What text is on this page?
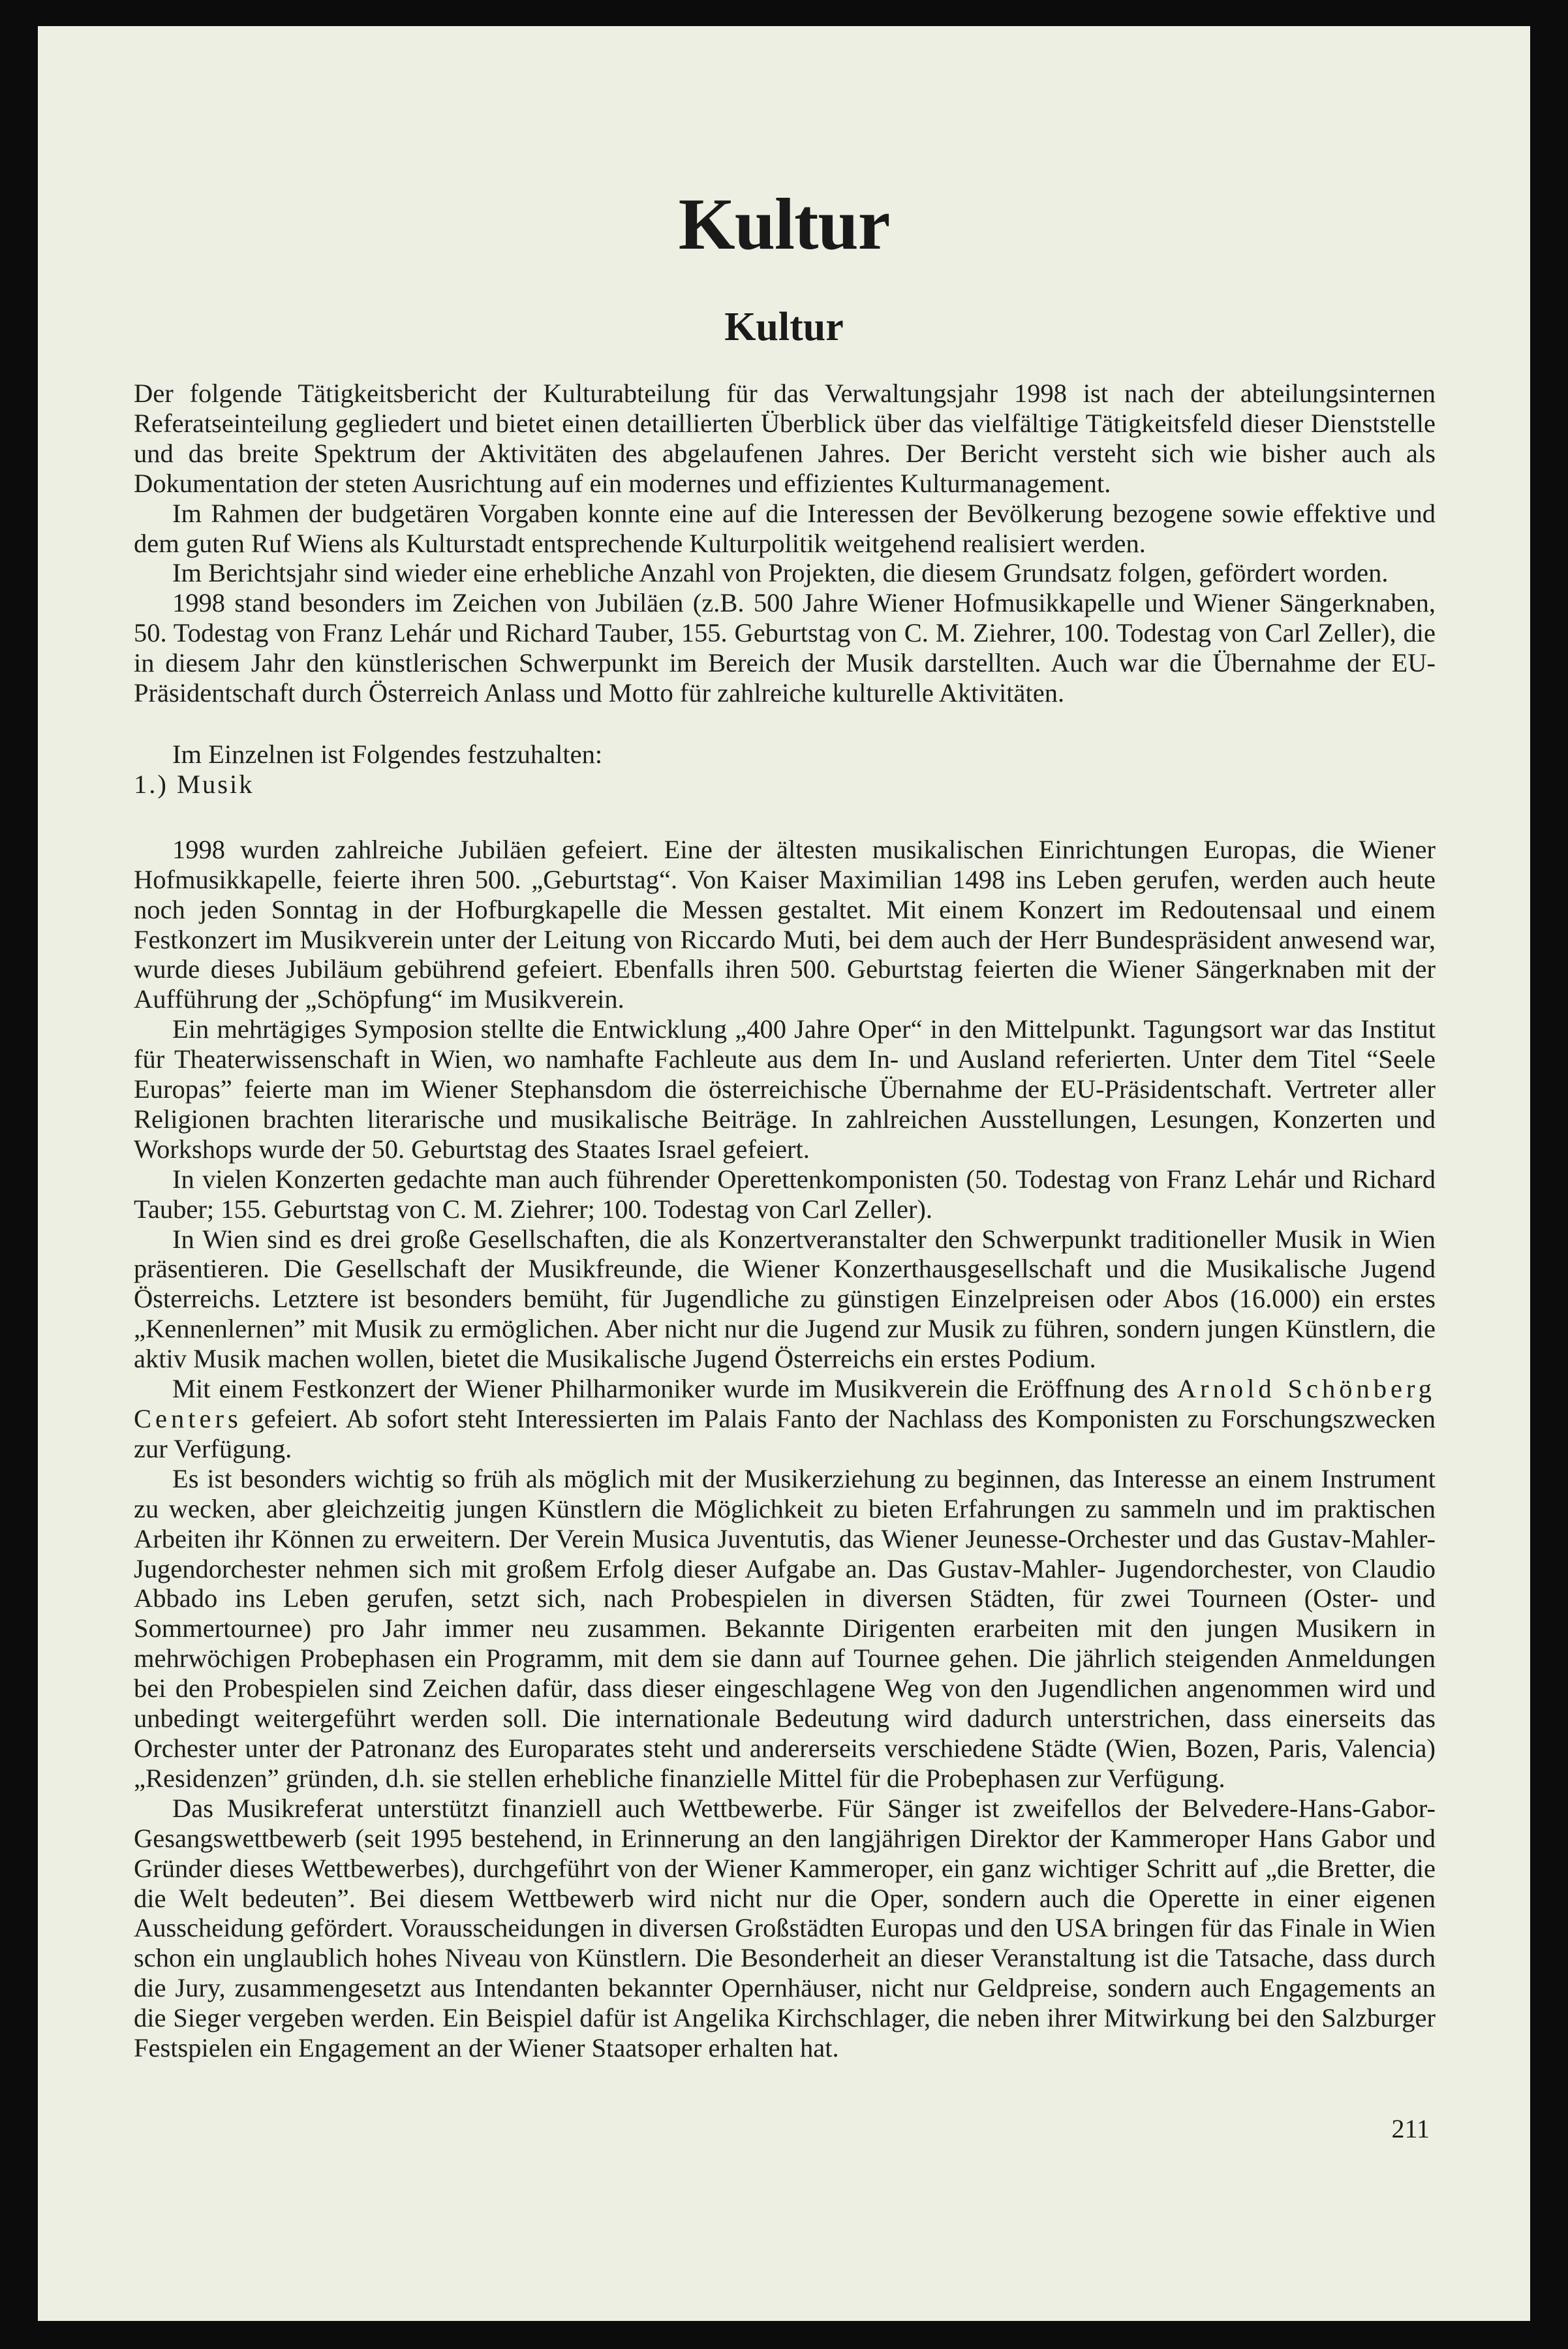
Kultur
Kultur

Der folgende Tätigkeitsbericht der Kulturabteilung für das Verwaltungsjahr 1998 ist nach der abteilungsinternen Referatseinteilung gegliedert und bietet einen detaillierten Überblick über das vielfältige Tätigkeitsfeld dieser Dienststelle und das breite Spektrum der Aktivitäten des abgelaufenen Jahres. Der Bericht versteht sich wie bisher auch als Dokumentation der steten Ausrichtung auf ein modernes und effizientes Kulturmanagement.

Im Rahmen der budgetären Vorgaben konnte eine auf die Interessen der Bevölkerung bezogene sowie effektive und dem guten Ruf Wiens als Kulturstadt entsprechende Kulturpolitik weitgehend realisiert werden.

Im Berichtsjahr sind wieder eine erhebliche Anzahl von Projekten, die diesem Grundsatz folgen, gefördert worden.

1998 stand besonders im Zeichen von Jubiläen (z.B. 500 Jahre Wiener Hofmusikkapelle und Wiener Sängerknaben, 50. Todestag von Franz Lehár und Richard Tauber, 155. Geburtstag von C. M. Ziehrer, 100. Todestag von Carl Zeller), die in diesem Jahr den künstlerischen Schwerpunkt im Bereich der Musik darstellten. Auch war die Übernahme der EU-Präsidentschaft durch Österreich Anlass und Motto für zahlreiche kulturelle Aktivitäten.

Im Einzelnen ist Folgendes festzuhalten:

1.) Musik

1998 wurden zahlreiche Jubiläen gefeiert. Eine der ältesten musikalischen Einrichtungen Europas, die Wiener Hofmusikkapelle, feierte ihren 500. „Geburtstag“. Von Kaiser Maximilian 1498 ins Leben gerufen, werden auch heute noch jeden Sonntag in der Hofburgkapelle die Messen gestaltet. Mit einem Konzert im Redoutensaal und einem Festkonzert im Musikverein unter der Leitung von Riccardo Muti, bei dem auch der Herr Bundespräsident anwesend war, wurde dieses Jubiläum gebührend gefeiert. Ebenfalls ihren 500. Geburtstag feierten die Wiener Sängerknaben mit der Aufführung der „Schöpfung“ im Musikverein.

Ein mehrtägiges Symposion stellte die Entwicklung „400 Jahre Oper“ in den Mittelpunkt. Tagungsort war das Institut für Theaterwissenschaft in Wien, wo namhafte Fachleute aus dem In- und Ausland referierten. Unter dem Titel “Seele Europas” feierte man im Wiener Stephansdom die österreichische Übernahme der EU-Präsidentschaft. Vertreter aller Religionen brachten literarische und musikalische Beiträge. In zahlreichen Ausstellungen, Lesungen, Konzerten und Workshops wurde der 50. Geburtstag des Staates Israel gefeiert.

In vielen Konzerten gedachte man auch führender Operettenkomponisten (50. Todestag von Franz Lehár und Richard Tauber; 155. Geburtstag von C. M. Ziehrer; 100. Todestag von Carl Zeller).

In Wien sind es drei große Gesellschaften, die als Konzertveranstalter den Schwerpunkt traditioneller Musik in Wien präsentieren. Die Gesellschaft der Musikfreunde, die Wiener Konzerthausgesellschaft und die Musikalische Jugend Österreichs. Letztere ist besonders bemüht, für Jugendliche zu günstigen Einzelpreisen oder Abos (16.000) ein erstes „Kennenlernen” mit Musik zu ermöglichen. Aber nicht nur die Jugend zur Musik zu führen, sondern jungen Künstlern, die aktiv Musik machen wollen, bietet die Musikalische Jugend Österreichs ein erstes Podium.

Mit einem Festkonzert der Wiener Philharmoniker wurde im Musikverein die Eröffnung des Arnold Schönberg Centers gefeiert. Ab sofort steht Interessierten im Palais Fanto der Nachlass des Komponisten zu Forschungszwecken zur Verfügung.

Es ist besonders wichtig so früh als möglich mit der Musikerziehung zu beginnen, das Interesse an einem Instrument zu wecken, aber gleichzeitig jungen Künstlern die Möglichkeit zu bieten Erfahrungen zu sammeln und im praktischen Arbeiten ihr Können zu erweitern. Der Verein Musica Juventutis, das Wiener Jeunesse-Orchester und das Gustav-Mahler-Jugendorchester nehmen sich mit großem Erfolg dieser Aufgabe an. Das Gustav-Mahler- Jugendorchester, von Claudio Abbado ins Leben gerufen, setzt sich, nach Probespielen in diversen Städten, für zwei Tourneen (Oster- und Sommertournee) pro Jahr immer neu zusammen. Bekannte Dirigenten erarbeiten mit den jungen Musikern in mehrwöchigen Probephasen ein Programm, mit dem sie dann auf Tournee gehen. Die jährlich steigenden Anmeldungen bei den Probespielen sind Zeichen dafür, dass dieser eingeschlagene Weg von den Jugendlichen angenommen wird und unbedingt weitergeführt werden soll. Die internationale Bedeutung wird dadurch unterstrichen, dass einerseits das Orchester unter der Patronanz des Europarates steht und andererseits verschiedene Städte (Wien, Bozen, Paris, Valencia) „Residenzen” gründen, d.h. sie stellen erhebliche finanzielle Mittel für die Probephasen zur Verfügung.

Das Musikreferat unterstützt finanziell auch Wettbewerbe. Für Sänger ist zweifellos der Belvedere-Hans-Gabor-Gesangswettbewerb (seit 1995 bestehend, in Erinnerung an den langjährigen Direktor der Kammeroper Hans Gabor und Gründer dieses Wettbewerbes), durchgeführt von der Wiener Kammeroper, ein ganz wichtiger Schritt auf „die Bretter, die die Welt bedeuten”. Bei diesem Wettbewerb wird nicht nur die Oper, sondern auch die Operette in einer eigenen Ausscheidung gefördert. Vorausscheidungen in diversen Großstädten Europas und den USA bringen für das Finale in Wien schon ein unglaublich hohes Niveau von Künstlern. Die Besonderheit an dieser Veranstaltung ist die Tatsache, dass durch die Jury, zusammengesetzt aus Intendanten bekannter Opernhäuser, nicht nur Geldpreise, sondern auch Engagements an die Sieger vergeben werden. Ein Beispiel dafür ist Angelika Kirchschlager, die neben ihrer Mitwirkung bei den Salzburger Festspielen ein Engagement an der Wiener Staatsoper erhalten hat.

211
